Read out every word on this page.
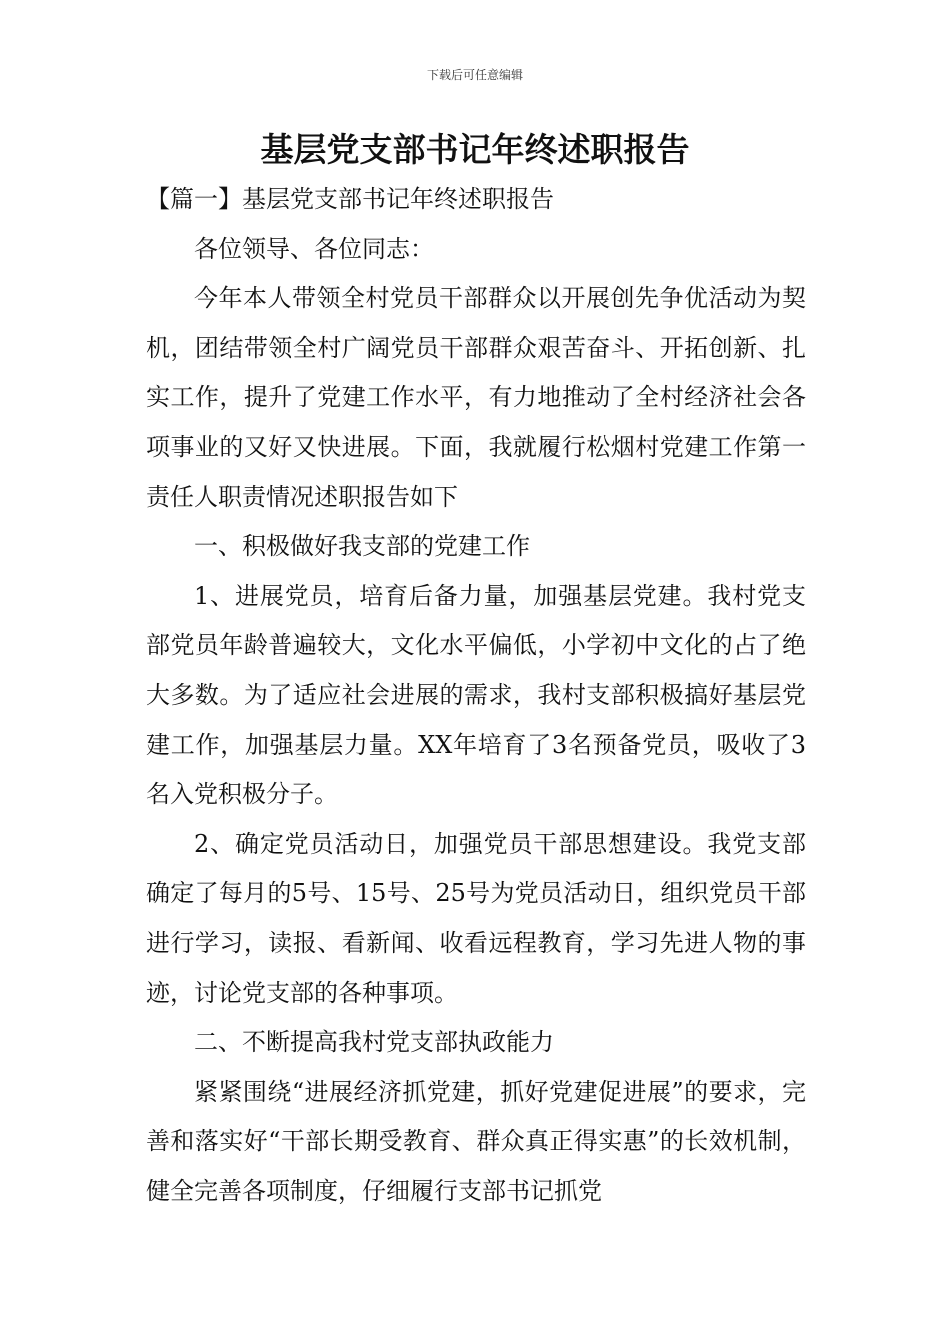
下载后可任意编辑
基层党支部书记年终述职报告

【篇一】基层党支部书记年终述职报告

各位领导、各位同志：

今年本人带领全村党员干部群众以开展创先争优活动为契机，团结带领全村广阔党员干部群众艰苦奋斗、开拓创新、扎实工作，提升了党建工作水平，有力地推动了全村经济社会各项事业的又好又快进展。下面，我就履行松烟村党建工作第一责任人职责情况述职报告如下

一、积极做好我支部的党建工作

1、进展党员，培育后备力量，加强基层党建。我村党支部党员年龄普遍较大，文化水平偏低，小学初中文化的占了绝大多数。为了适应社会进展的需求，我村支部积极搞好基层党建工作，加强基层力量。XX年培育了3名预备党员，吸收了3名入党积极分子。

2、确定党员活动日，加强党员干部思想建设。我党支部确定了每月的5号、15号、25号为党员活动日，组织党员干部进行学习，读报、看新闻、收看远程教育，学习先进人物的事迹，讨论党支部的各种事项。

二、不断提高我村党支部执政能力

紧紧围绕“进展经济抓党建，抓好党建促进展”的要求，完善和落实好“干部长期受教育、群众真正得实惠”的长效机制，健全完善各项制度，仔细履行支部书记抓党
